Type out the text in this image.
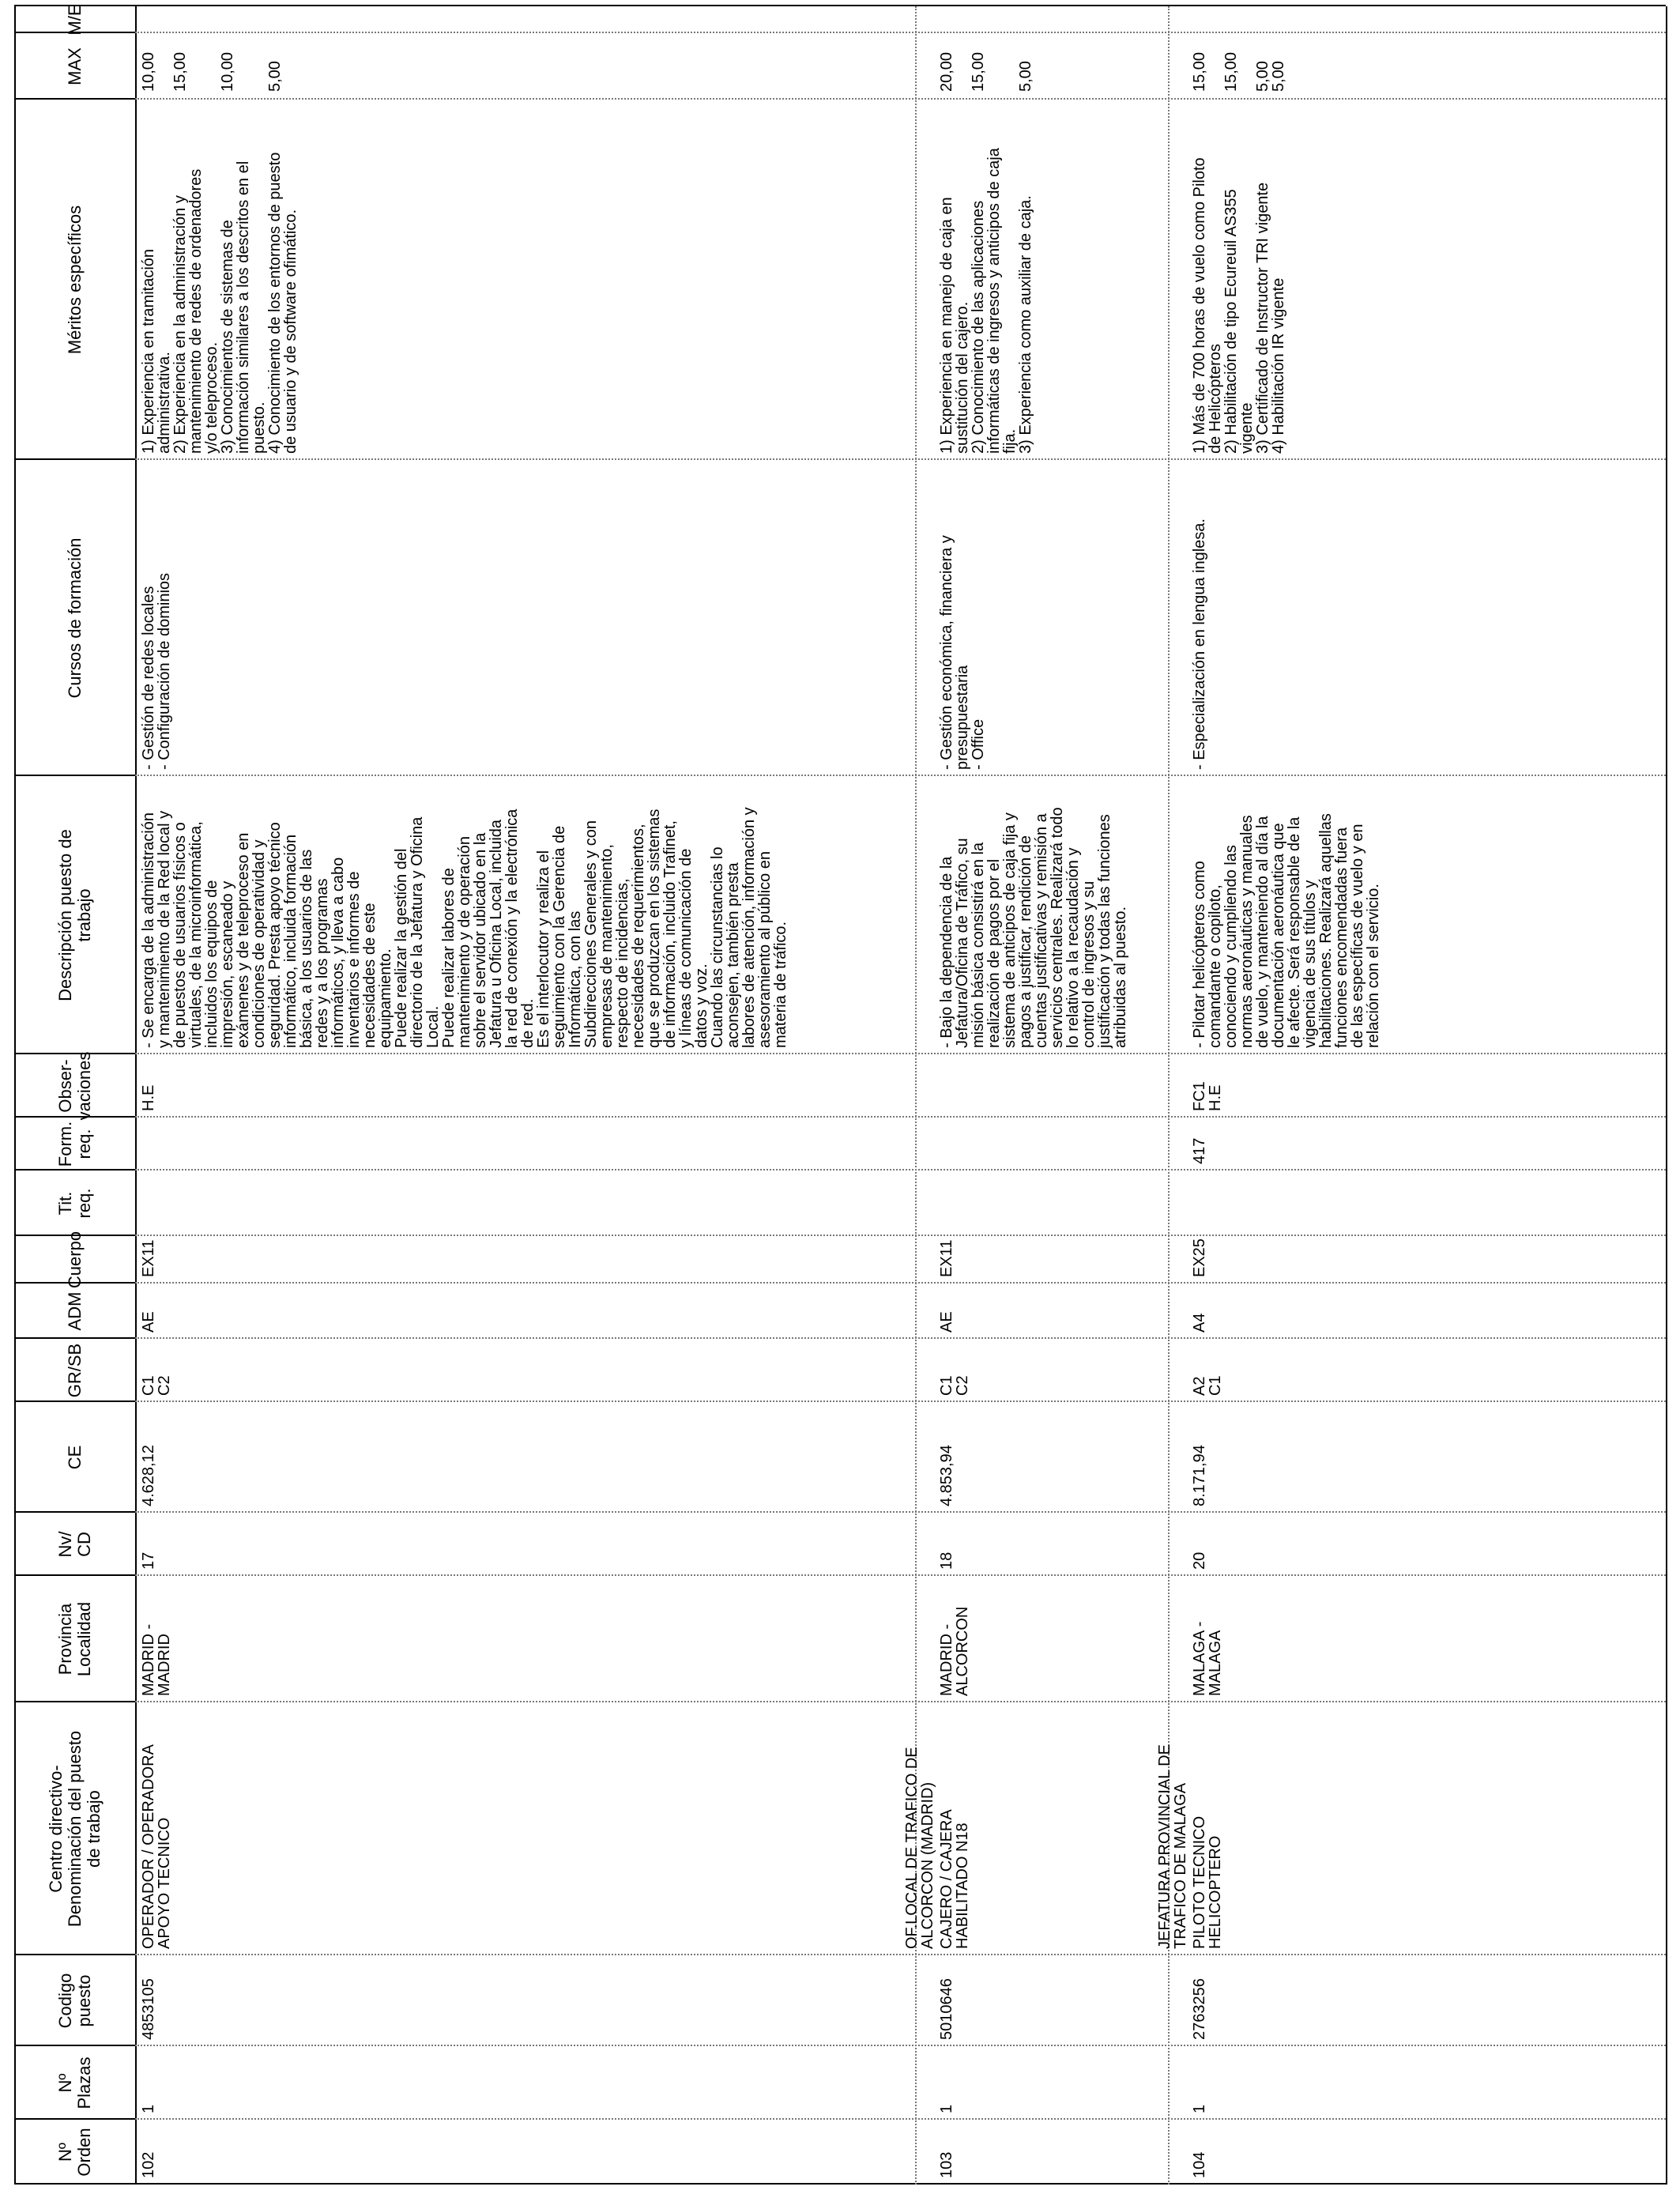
Nº Orden
Nº Plazas
Codigo puesto
Centro directivo- Denominación del puesto de trabajo
Provincia Localidad
Nv/ CD
CE
GR/SB
ADM
Cuerpo
Tit. req.
Form. req.
Obser- vaciones
Descripción puesto de trabajo
Cursos de formación
Méritos específicos
MAX
M/E
102
1
4853105
17
4.628,12
AE
EX11
OPERADOR / OPERADORA
APOYO TECNICO
MADRID -
MADRID
C1
C2
H.E
- Se encarga de la administración
y mantenimiento de la Red local y
de puestos de usuarios físicos o
virtuales, de la microinformática,
incluidos los equipos de
impresión, escaneado y
exámenes y de teleproceso en
condiciones de operatividad y
seguridad. Presta apoyo técnico
informático, incluida formación
básica, a los usuarios de las
redes y a los programas
informáticos, y lleva a cabo
inventarios e informes de
necesidades de este
equipamiento.
Puede realizar la gestión del
directorio de la Jefatura y Oficina
Local.
Puede realizar labores de
mantenimiento y de operación
sobre el servidor ubicado en la
Jefatura u Oficina Local, incluida
la red de conexión y la electrónica
de red.
Es el interlocutor y realiza el
seguimiento con la Gerencia de
Informática, con las
Subdirecciones Generales y con
empresas de mantenimiento,
respecto de incidencias,
necesidades de requerimientos,
que se produzcan en los sistemas
de información, incluido Trafinet,
y líneas de comunicación de
datos y voz.
Cuando las circunstancias lo
aconsejen, también presta
labores de atención, información y
asesoramiento al público en
materia de tráfico.
- Gestión de redes locales
- Configuración de dominios
1) Experiencia en tramitación
administrativa.
2) Experiencia en la administración y
mantenimiento de redes de ordenadores
y/o teleproceso.
3) Conocimientos de sistemas de
información similares a los descritos en el
puesto.
4) Conocimiento de los entornos de puesto
de usuario y de software ofimático.
10,00 15,00 10,00 5,00
103
1
5010646
18
4.853,94
AE
EX11
OF.LOCAL DE TRAFICO DE
ALCORCON (MADRID) CAJERO / CAJERA
HABILITADO N18
MADRID -
ALCORCON
C1
C2
- Bajo la dependencia de la
Jefatura/Oficina de Tráfico, su
misión básica consistirá en la
realización de pagos por el
sistema de anticipos de caja fija y
pagos a justificar, rendición de
cuentas justificativas y remisión a
servicios centrales. Realizará todo
lo relativo a la recaudación y
control de ingresos y su
justificación y todas las funciones
atribuidas al puesto.
- Gestión económica, financiera y
presupuestaria
- Office
1) Experiencia en manejo de caja en
sustitución del cajero.
2) Conocimiento de las aplicaciones
informáticas de ingresos y anticipos de caja
fija.
3) Experiencia como auxiliar de caja.
20,00 15,00 5,00
104
1
2763256
20
8.171,94
A4
EX25
417
JEFATURA PROVINCIAL DE
TRAFICO DE MALAGA PILOTO TECNICO
HELICOPTERO
MALAGA -
MALAGA
A2
C1
FC1
H.E
- Pilotar helicópteros como
comandante o copiloto,
conociendo y cumpliendo las
normas aeronáuticas y manuales
de vuelo, y manteniendo al día la
documentación aeronáutica que
le afecte. Será responsable de la
vigencia de sus títulos y
habilitaciones. Realizará aquellas
funciones encomendadas fuera
de las específicas de vuelo y en
relación con el servicio.
- Especialización en lengua inglesa.
1) Más de 700 horas de vuelo como Piloto
de Helicópteros
2) Habilitación de tipo Ecureuil AS355
vigente
3) Certificado de Instructor TRI vigente
4) Habilitación IR vigente
15,00 15,00 5,00
5,00
